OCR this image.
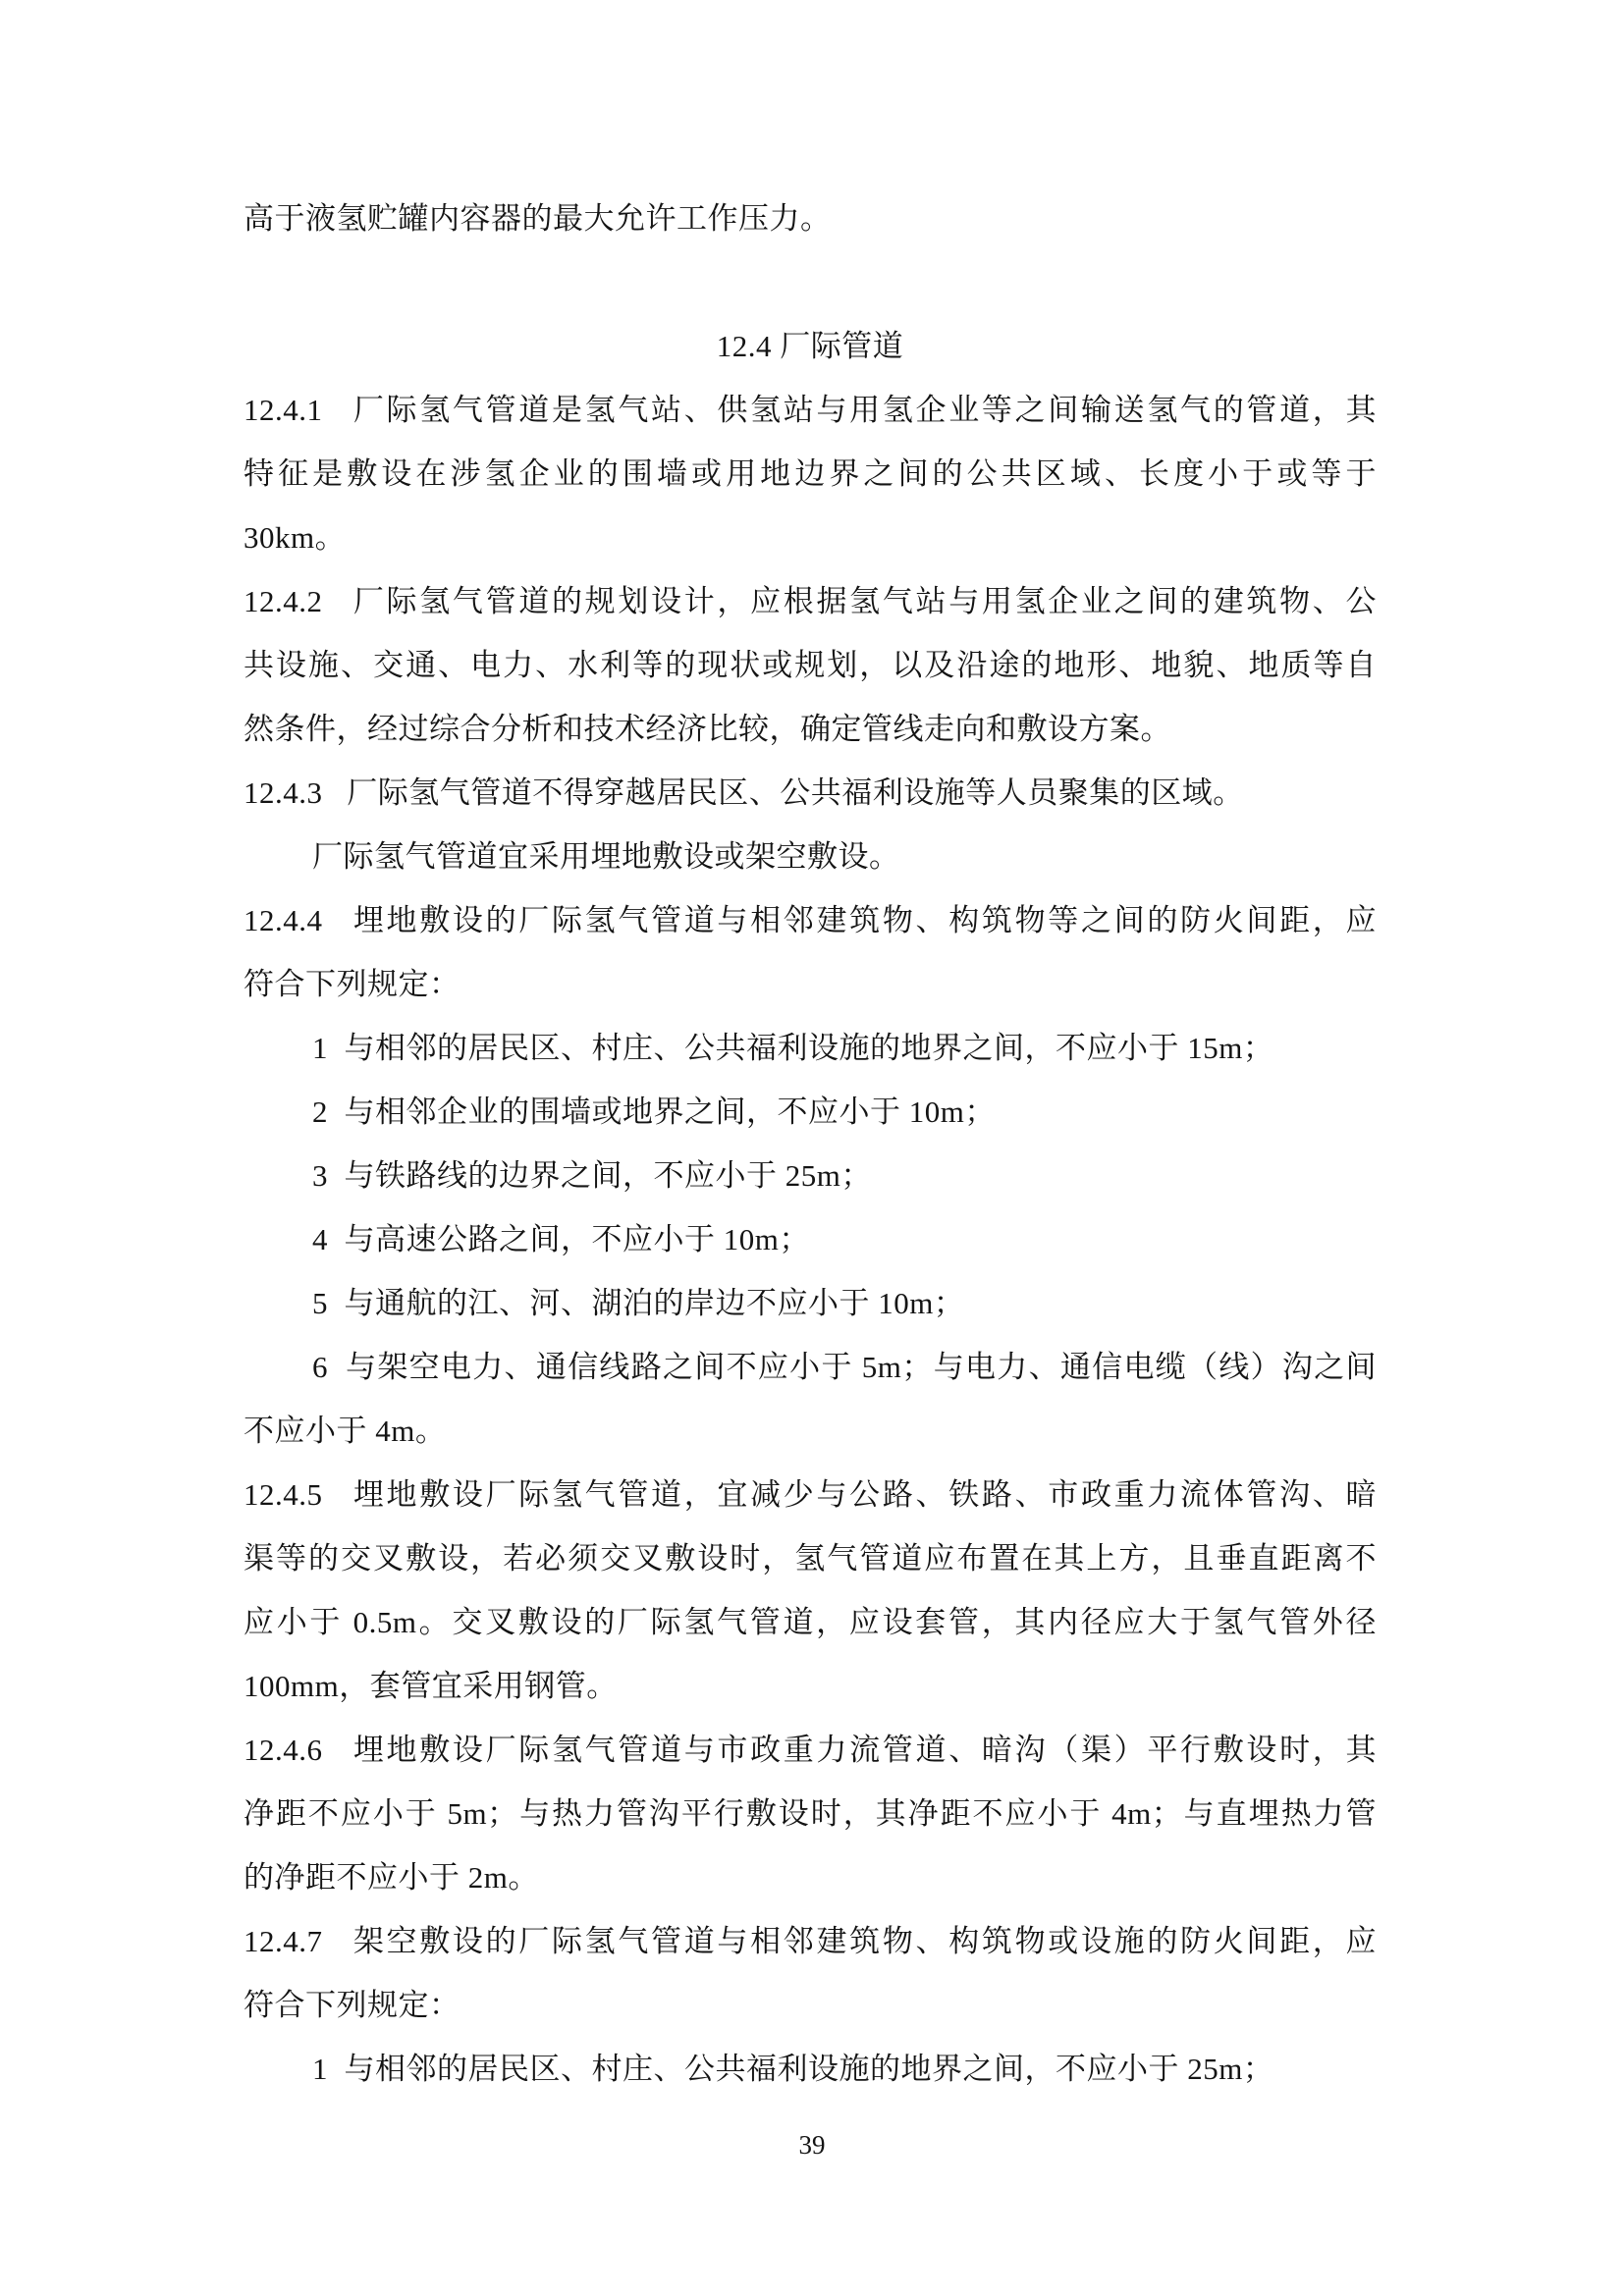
高于液氢贮罐内容器的最大允许工作压力。
12.4 厂际管道
12.4.1   厂际氢气管道是氢气站、供氢站与用氢企业等之间输送氢气的管道，其
特征是敷设在涉氢企业的围墙或用地边界之间的公共区域、长度小于或等于
30km。
12.4.2   厂际氢气管道的规划设计，应根据氢气站与用氢企业之间的建筑物、公
共设施、交通、电力、水利等的现状或规划，以及沿途的地形、地貌、地质等自
然条件，经过综合分析和技术经济比较，确定管线走向和敷设方案。
12.4.3   厂际氢气管道不得穿越居民区、公共福利设施等人员聚集的区域。
厂际氢气管道宜采用埋地敷设或架空敷设。
12.4.4   埋地敷设的厂际氢气管道与相邻建筑物、构筑物等之间的防火间距，应
符合下列规定：
1  与相邻的居民区、村庄、公共福利设施的地界之间，不应小于 15m；
2  与相邻企业的围墙或地界之间，不应小于 10m；
3  与铁路线的边界之间，不应小于 25m；
4  与高速公路之间，不应小于 10m；
5  与通航的江、河、湖泊的岸边不应小于 10m；
6  与架空电力、通信线路之间不应小于 5m；与电力、通信电缆（线）沟之间
不应小于 4m。
12.4.5   埋地敷设厂际氢气管道，宜减少与公路、铁路、市政重力流体管沟、暗
渠等的交叉敷设，若必须交叉敷设时，氢气管道应布置在其上方，且垂直距离不
应小于 0.5m。交叉敷设的厂际氢气管道，应设套管，其内径应大于氢气管外径
100mm，套管宜采用钢管。
12.4.6   埋地敷设厂际氢气管道与市政重力流管道、暗沟（渠）平行敷设时，其
净距不应小于 5m；与热力管沟平行敷设时，其净距不应小于 4m；与直埋热力管
的净距不应小于 2m。
12.4.7   架空敷设的厂际氢气管道与相邻建筑物、构筑物或设施的防火间距，应
符合下列规定：
1  与相邻的居民区、村庄、公共福利设施的地界之间，不应小于 25m；
39
